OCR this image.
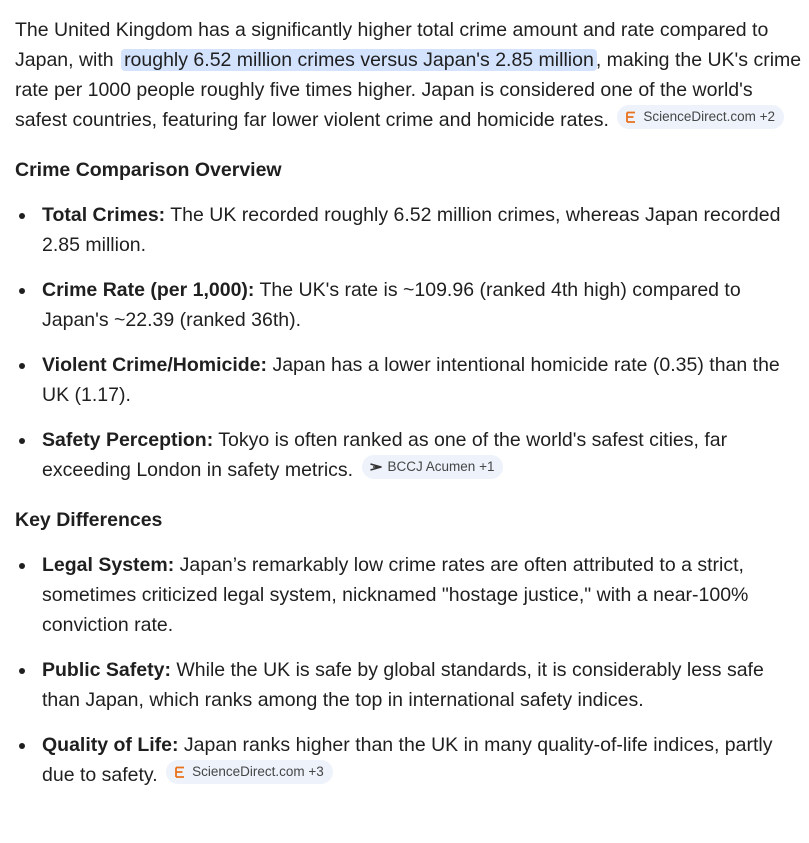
The United Kingdom has a significantly higher total crime amount and rate compared to Japan, with roughly 6.52 million crimes versus Japan's 2.85 million , making the UK's crime rate per 1000 people roughly five times higher. Japan is considered one of the world's safest countries, featuring far lower violent crime and homicide rates.	ScienceDirect.com +2

Crime Comparison Overview
Total Crimes: The UK recorded roughly 6.52 million crimes, whereas Japan recorded 2.85 million.
Crime Rate (per 1,000): The UK's rate is ~109.96 (ranked 4th high) compared to Japan's ~22.39 (ranked 36th).
Violent Crime/Homicide: Japan has a lower intentional homicide rate (0.35) than the UK (1.17).
Safety Perception: Tokyo is often ranked as one of the world's safest cities, far exceeding London in safety metrics.	BCCJ Acumen +1
Key Differences
Legal System: Japan’s remarkably low crime rates are often attributed to a strict, sometimes criticized legal system, nicknamed "hostage justice," with a near-100% conviction rate.
Public Safety: While the UK is safe by global standards, it is considerably less safe than Japan, which ranks among the top in international safety indices.
Quality of Life: Japan ranks higher than the UK in many quality-of-life indices, partly due to safety.	ScienceDirect.com +3
